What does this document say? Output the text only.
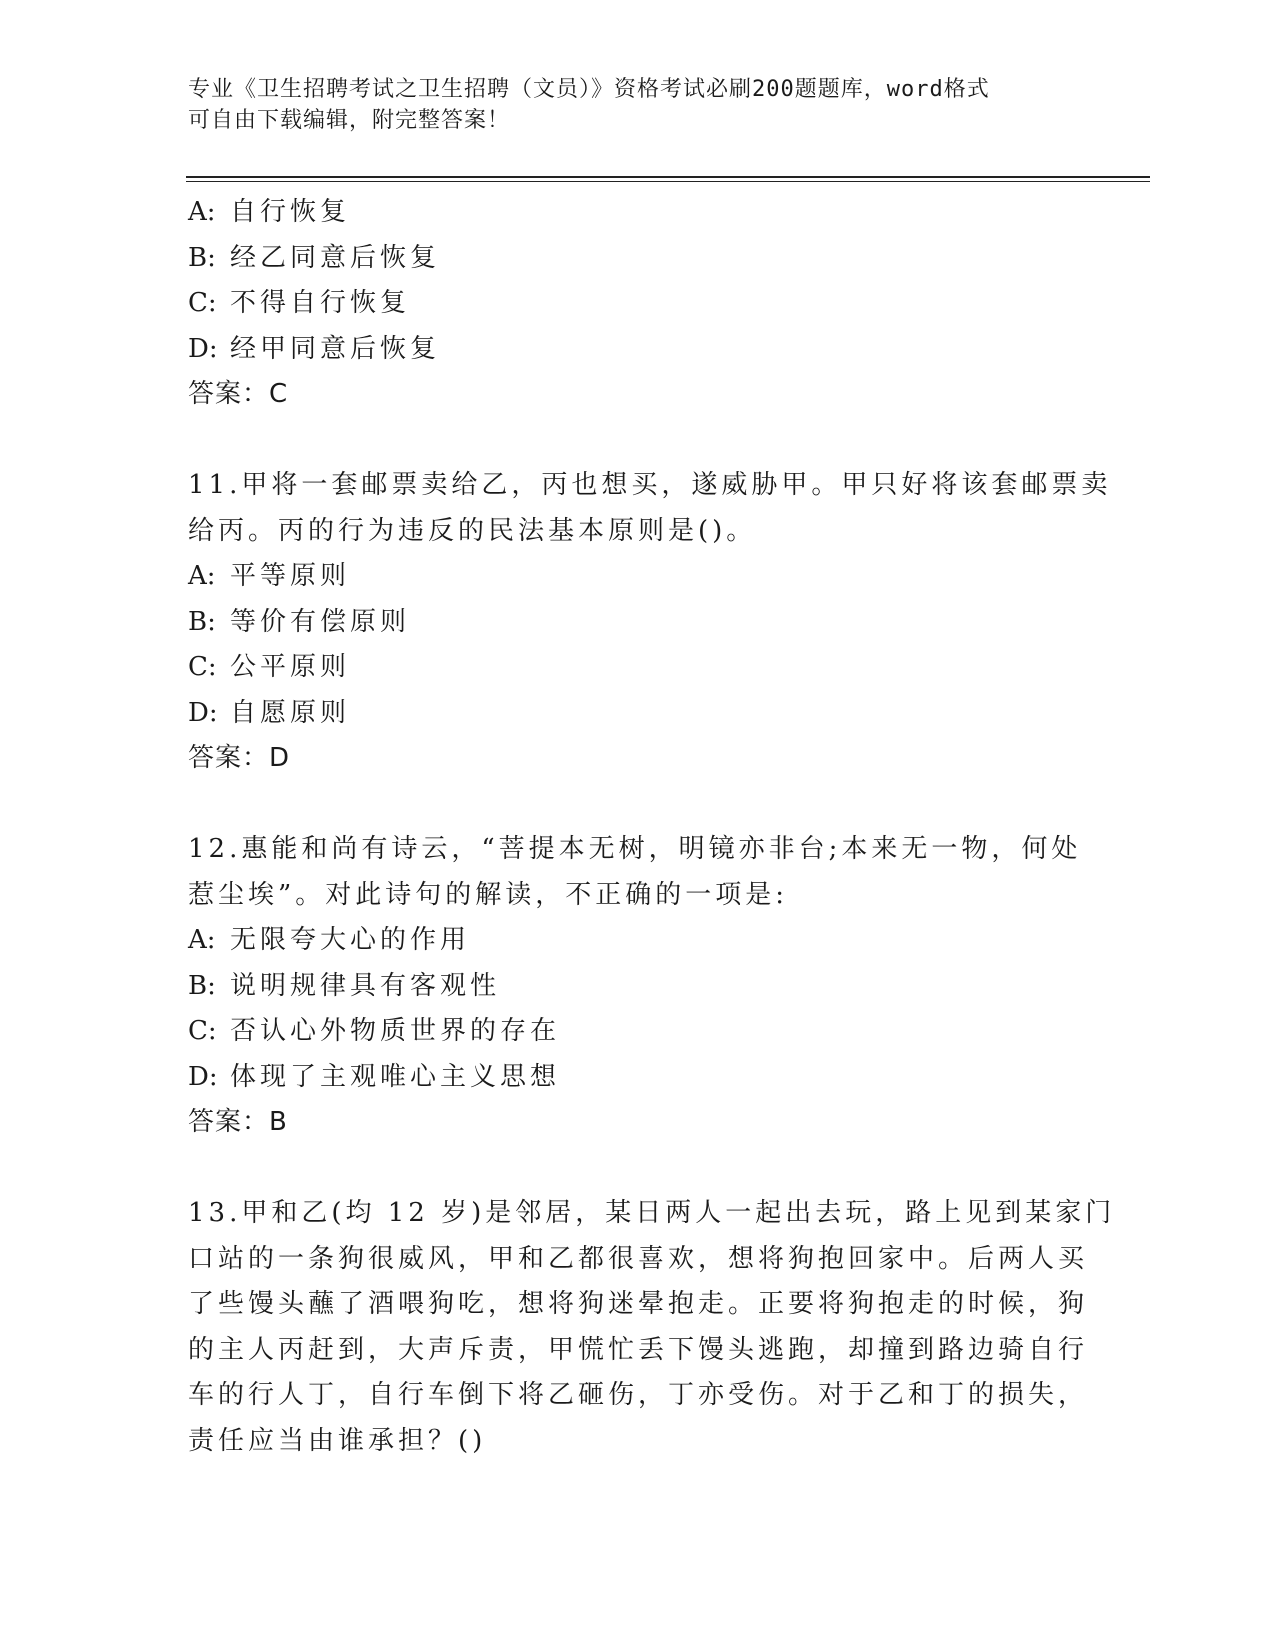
专业《卫生招聘考试之卫生招聘（文员）》资格考试必刷200题题库，word格式
可自由下载编辑，附完整答案！
A: 自行恢复
B: 经乙同意后恢复
C: 不得自行恢复
D: 经甲同意后恢复
答案：C
11.甲将一套邮票卖给乙，丙也想买，遂威胁甲。甲只好将该套邮票卖
给丙。丙的行为违反的民法基本原则是()。
A: 平等原则
B: 等价有偿原则
C: 公平原则
D: 自愿原则
答案：D
12.惠能和尚有诗云，“菩提本无树，明镜亦非台;本来无一物，何处
惹尘埃”。对此诗句的解读，不正确的一项是:
A: 无限夸大心的作用
B: 说明规律具有客观性
C: 否认心外物质世界的存在
D: 体现了主观唯心主义思想
答案：B
13.甲和乙(均 12 岁)是邻居，某日两人一起出去玩，路上见到某家门
口站的一条狗很威风，甲和乙都很喜欢，想将狗抱回家中。后两人买
了些馒头蘸了酒喂狗吃，想将狗迷晕抱走。正要将狗抱走的时候，狗
的主人丙赶到，大声斥责，甲慌忙丢下馒头逃跑，却撞到路边骑自行
车的行人丁，自行车倒下将乙砸伤，丁亦受伤。对于乙和丁的损失，
责任应当由谁承担？()
